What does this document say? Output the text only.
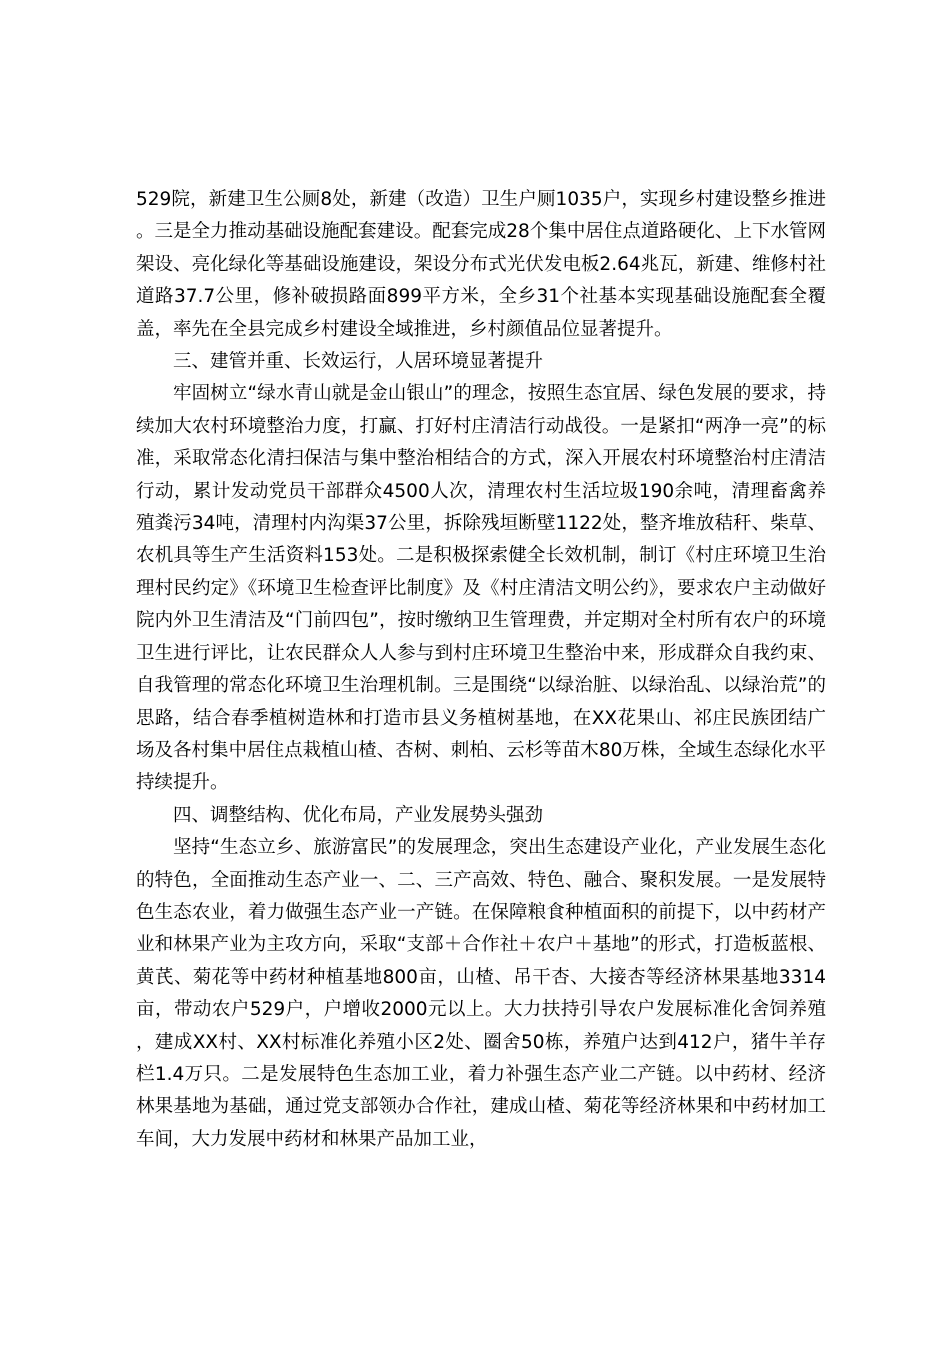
529院，新建卫生公厕8处，新建（改造）卫生户厕1035户，实现乡村建设整乡推进。三是全力推动基础设施配套建设。配套完成28个集中居住点道路硬化、上下水管网架设、亮化绿化等基础设施建设，架设分布式光伏发电板2.64兆瓦，新建、维修村社道路37.7公里，修补破损路面899平方米，全乡31个社基本实现基础设施配套全覆盖，率先在全县完成乡村建设全域推进，乡村颜值品位显著提升。

三、建管并重、长效运行，人居环境显著提升

牢固树立“绿水青山就是金山银山”的理念，按照生态宜居、绿色发展的要求，持续加大农村环境整治力度，打赢、打好村庄清洁行动战役。一是紧扣“两净一亮”的标准，采取常态化清扫保洁与集中整治相结合的方式，深入开展农村环境整治村庄清洁行动，累计发动党员干部群众4500人次，清理农村生活垃圾190余吨，清理畜禽养殖粪污34吨，清理村内沟渠37公里，拆除残垣断壁1122处，整齐堆放秸秆、柴草、农机具等生产生活资料153处。二是积极探索健全长效机制，制订《村庄环境卫生治理村民约定》《环境卫生检查评比制度》及《村庄清洁文明公约》，要求农户主动做好院内外卫生清洁及“门前四包”，按时缴纳卫生管理费，并定期对全村所有农户的环境卫生进行评比，让农民群众人人参与到村庄环境卫生整治中来，形成群众自我约束、自我管理的常态化环境卫生治理机制。三是围绕“以绿治脏、以绿治乱、以绿治荒”的思路，结合春季植树造林和打造市县义务植树基地，在XX花果山、祁庄民族团结广场及各村集中居住点栽植山楂、杏树、刺柏、云杉等苗木80万株，全域生态绿化水平持续提升。

四、调整结构、优化布局，产业发展势头强劲

坚持“生态立乡、旅游富民”的发展理念，突出生态建设产业化，产业发展生态化的特色，全面推动生态产业一、二、三产高效、特色、融合、聚积发展。一是发展特色生态农业，着力做强生态产业一产链。在保障粮食种植面积的前提下，以中药材产业和林果产业为主攻方向，采取“支部＋合作社＋农户＋基地”的形式，打造板蓝根、黄芪、菊花等中药材种植基地800亩，山楂、吊干杏、大接杏等经济林果基地3314亩，带动农户529户，户增收2000元以上。大力扶持引导农户发展标准化舍饲养殖，建成XX村、XX村标准化养殖小区2处、圈舍50栋，养殖户达到412户，猪牛羊存栏1.4万只。二是发展特色生态加工业，着力补强生态产业二产链。以中药材、经济林果基地为基础，通过党支部领办合作社，建成山楂、菊花等经济林果和中药材加工车间，大力发展中药材和林果产品加工业，
